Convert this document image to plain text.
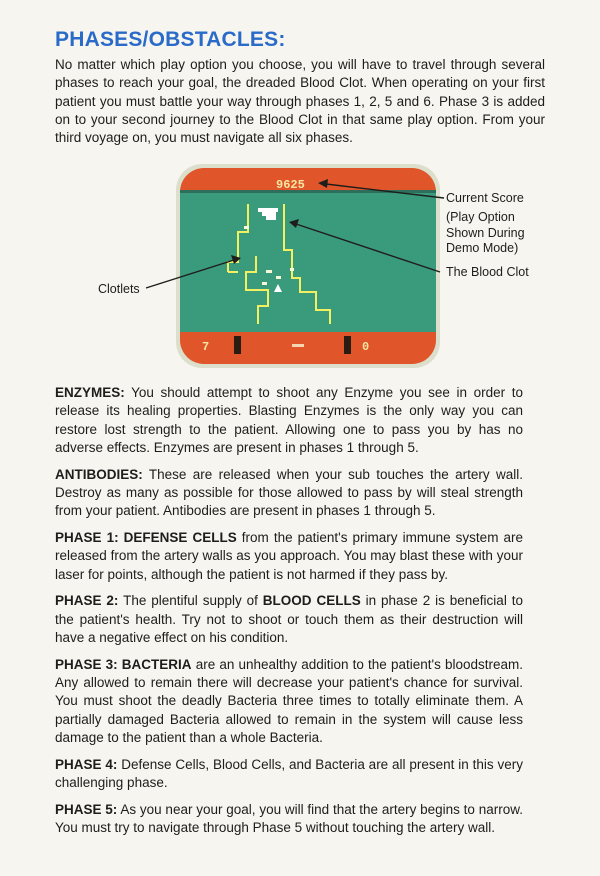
PHASES/OBSTACLES:
No matter which play option you choose, you will have to travel through several phases to reach your goal, the dreaded Blood Clot. When operating on your first patient you must battle your way through phases 1, 2, 5 and 6. Phase 3 is added on to your second journey to the Blood Clot in that same play option. From your third voyage on, you must navigate all six phases.
9625
7	0
Current Score
(Play Option Shown During Demo Mode)
The Blood Clot
Clotlets

ENZYMES: You should attempt to shoot any Enzyme you see in order to release its healing properties. Blasting Enzymes is the only way you can restore lost strength to the patient. Allowing one to pass you by has no adverse effects. Enzymes are present in phases 1 through 5.

ANTIBODIES: These are released when your sub touches the artery wall. Destroy as many as possible for those allowed to pass by will steal strength from your patient. Antibodies are present in phases 1 through 5.

PHASE 1: DEFENSE CELLS from the patient's primary immune system are released from the artery walls as you approach. You may blast these with your laser for points, although the patient is not harmed if they pass by.

PHASE 2: The plentiful supply of BLOOD CELLS in phase 2 is beneficial to the patient's health. Try not to shoot or touch them as their destruction will have a negative effect on his condition.

PHASE 3: BACTERIA are an unhealthy addition to the patient's bloodstream. Any allowed to remain there will decrease your patient's chance for survival. You must shoot the deadly Bacteria three times to totally eliminate them. A partially damaged Bacteria allowed to remain in the system will cause less damage to the patient than a whole Bacteria.

PHASE 4: Defense Cells, Blood Cells, and Bacteria are all present in this very challenging phase.

PHASE 5: As you near your goal, you will find that the artery begins to narrow. You must try to navigate through Phase 5 without touching the artery wall.
